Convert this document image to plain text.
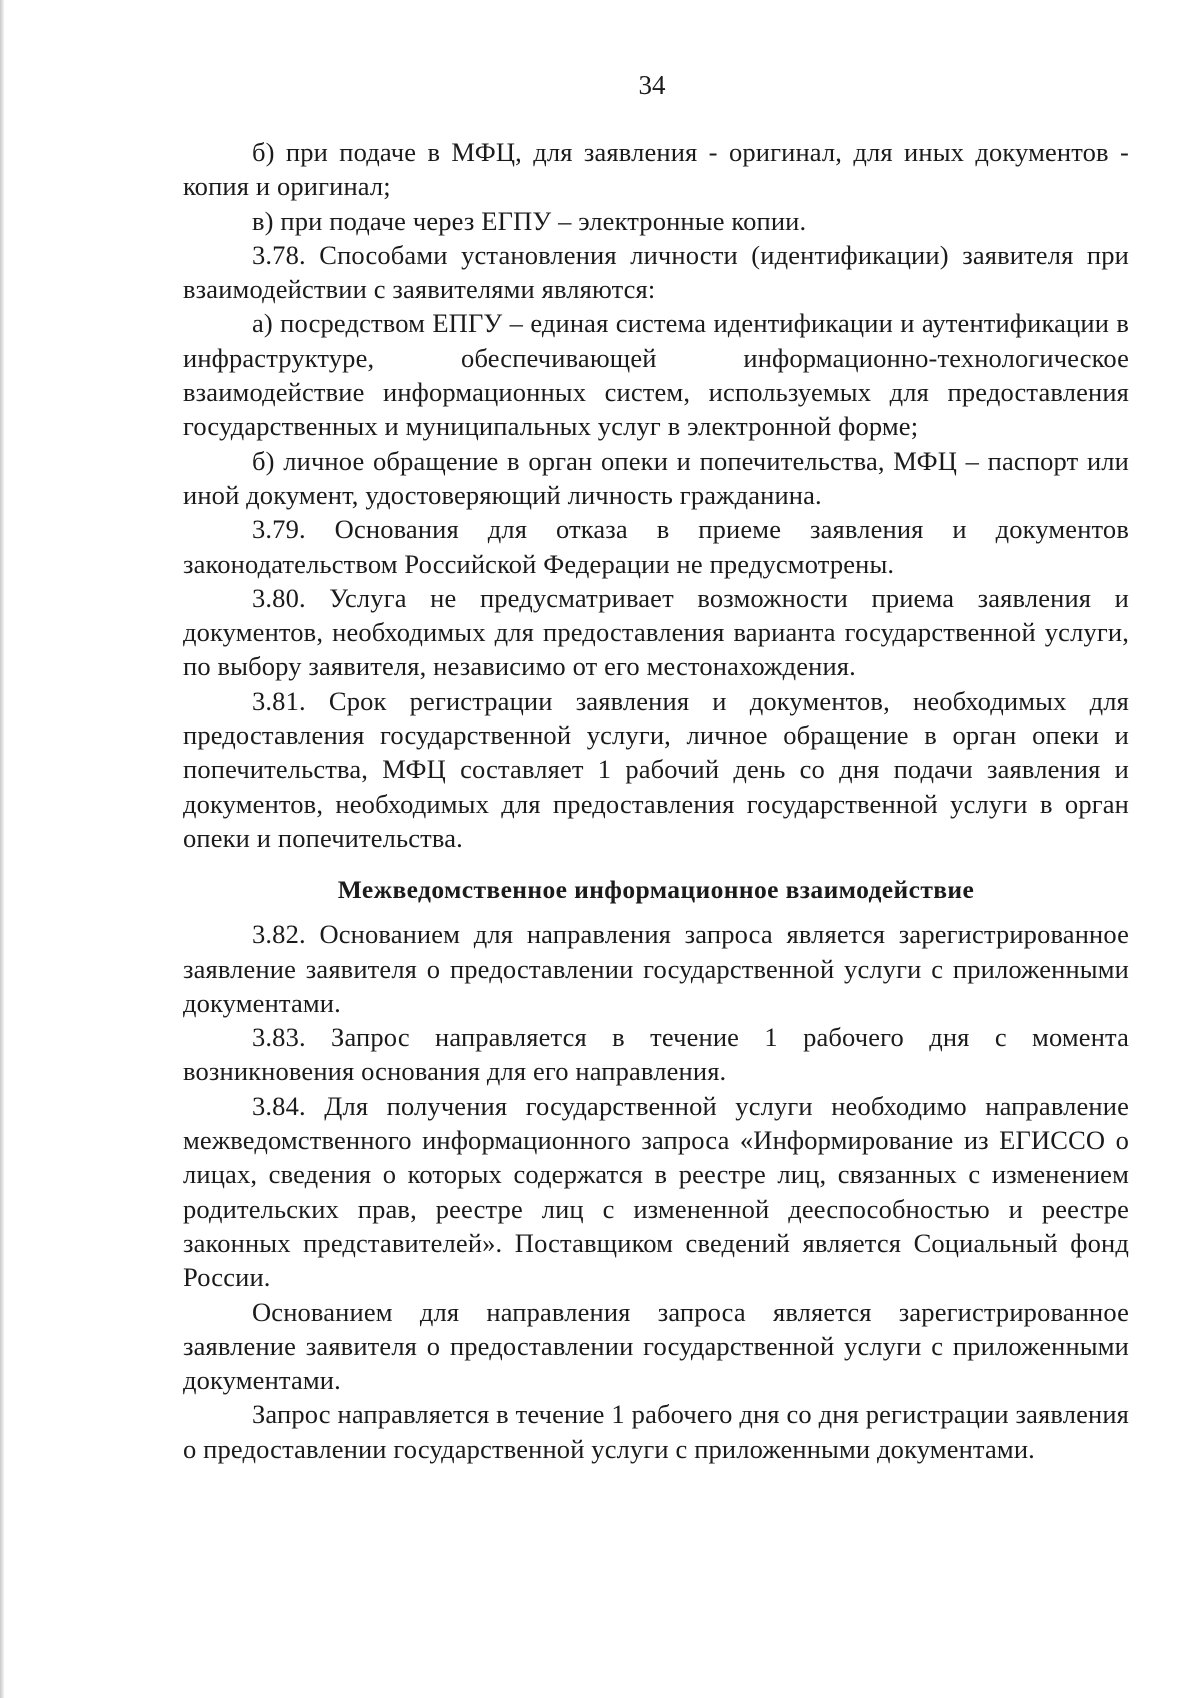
34

б) при подаче в МФЦ, для заявления - оригинал, для иных документов - копия и оригинал;

в) при подаче через ЕГПУ – электронные копии.

3.78. Способами установления личности (идентификации) заявителя при взаимодействии с заявителями являются:

а) посредством ЕПГУ – единая система идентификации и аутентификации в инфраструктуре, обеспечивающей информационно-технологическое взаимодействие информационных систем, используемых для предоставления государственных и муниципальных услуг в электронной форме;

б) личное обращение в орган опеки и попечительства, МФЦ – паспорт или иной документ, удостоверяющий личность гражданина.

3.79. Основания для отказа в приеме заявления и документов законодательством Российской Федерации не предусмотрены.

3.80. Услуга не предусматривает возможности приема заявления и документов, необходимых для предоставления варианта государственной услуги, по выбору заявителя, независимо от его местонахождения.

3.81. Срок регистрации заявления и документов, необходимых для предоставления государственной услуги, личное обращение в орган опеки и попечительства, МФЦ составляет 1 рабочий день со дня подачи заявления и документов, необходимых для предоставления государственной услуги в орган опеки и попечительства.

Межведомственное информационное взаимодействие

3.82. Основанием для направления запроса является зарегистрированное заявление заявителя о предоставлении государственной услуги с приложенными документами.

3.83. Запрос направляется в течение 1 рабочего дня с момента возникновения основания для его направления.

3.84. Для получения государственной услуги необходимо направление межведомственного информационного запроса «Информирование из ЕГИССО о лицах, сведения о которых содержатся в реестре лиц, связанных с изменением родительских прав, реестре лиц с измененной дееспособностью и реестре законных представителей». Поставщиком сведений является Социальный фонд России.

Основанием для направления запроса является зарегистрированное заявление заявителя о предоставлении государственной услуги с приложенными документами.

Запрос направляется в течение 1 рабочего дня со дня регистрации заявления о предоставлении государственной услуги с приложенными документами.
